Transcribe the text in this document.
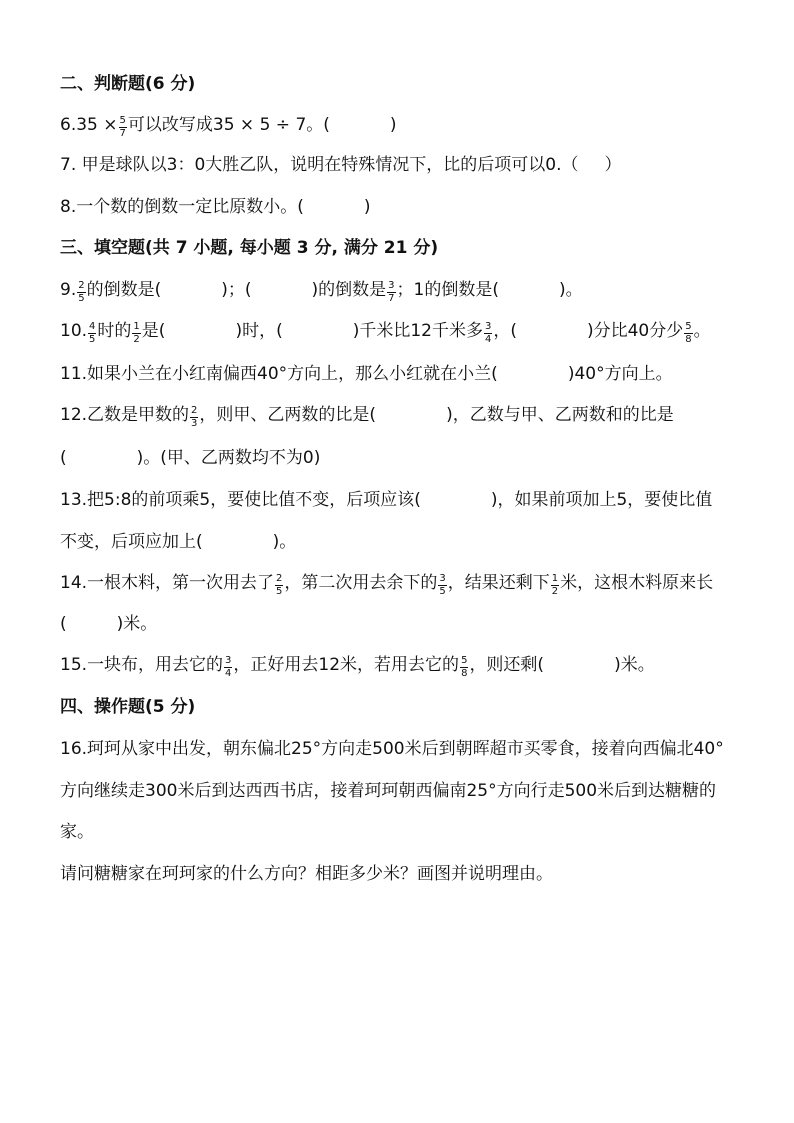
二、判断题(6 分)
$6.35 \times \frac{5}{7}$ 可以改写成35 × 5 ÷ 7。(	)
7. 甲是球队以3：0大胜乙队，说明在特殊情况下，比的后项可以0.（ ）
8.一个数的倒数一定比原数小。(	)
三、填空题(共 7 小题, 每小题 3 分, 满分 21 分)
9. $\frac{2}{5}$ 的倒数是(	)；(	)的倒数是 $\frac{3}{7}$ ；1的倒数是(	)。
10. $\frac{4}{5}$ 时的 $\frac{1}{2}$ 是(	)时，(	)千米比12千米多 $\frac{3}{4}$ ，(	)分比40分少 $\frac{5}{8}$ 。
11.如果小兰在小红南偏西40°方向上，那么小红就在小兰(	)40°方向上。
12.乙数是甲数的 $\frac{2}{3}$ ，则甲、乙两数的比是(	)，乙数与甲、乙两数和的比是
(	)。(甲、乙两数均不为0)
13.把5:8的前项乘5，要使比值不变，后项应该(	)，如果前项加上5，要使比值
不变，后项应加上(	)。
14.一根木料，第一次用去了 $\frac{2}{5}$ ，第二次用去余下的 $\frac{3}{5}$ ，结果还剩下 $\frac{1}{2}$ 米，这根木料原来长
(	)米。
15.一块布，用去它的 $\frac{3}{4}$ ，正好用去12米，若用去它的 $\frac{5}{8}$ ，则还剩(	)米。
四、操作题(5 分)
16.珂珂从家中出发，朝东偏北25°方向走500米后到朝晖超市买零食，接着向西偏北40°
方向继续走300米后到达西西书店，接着珂珂朝西偏南25°方向行走500米后到达糖糖的
家。
请问糖糖家在珂珂家的什么方向？相距多少米？画图并说明理由。
